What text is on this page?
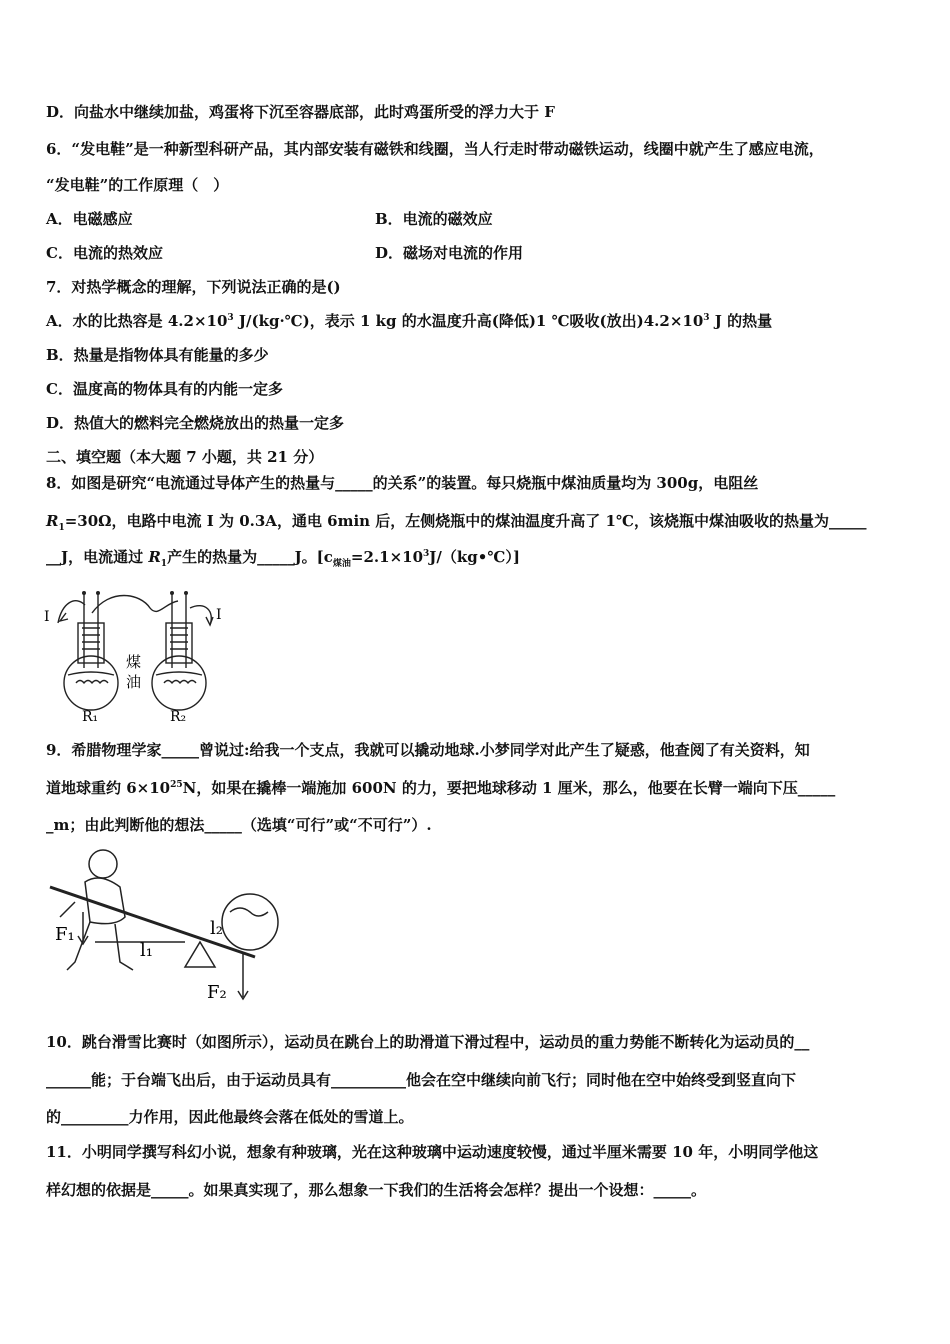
D．向盐水中继续加盐，鸡蛋将下沉至容器底部，此时鸡蛋所受的浮力大于 F
6．“发电鞋”是一种新型科研产品，其内部安装有磁铁和线圈，当人行走时带动磁铁运动，线圈中就产生了感应电流，
“发电鞋”的工作原理（　）
A．电磁感应	B．电流的磁效应
C．电流的热效应	D．磁场对电流的作用
7．对热学概念的理解，下列说法正确的是()
A．水的比热容是 $4.2\times 10^3$ J/(kg·℃)，表示 1 kg 的水温度升高(降低)1 ℃吸收(放出)$4.2\times 10^3$ J 的热量
B．热量是指物体具有能量的多少
C．温度高的物体具有的内能一定多
D．热值大的燃料完全燃烧放出的热量一定多
二、填空题（本大题 7 小题，共 21 分）
8．如图是研究“电流通过导体产生的热量与_____的关系”的装置。每只烧瓶中煤油质量均为 300g，电阻丝
$R_1=30\Omega$，电路中电流 I 为 0.3A，通电 6min 后，左侧烧瓶中的煤油温度升高了 1℃，该烧瓶中煤油吸收的热量为_____
__J，电流通过 $R_1$产生的热量为_____J。$[c_{煤油}=2.1\times 10^3J/(kg•℃)]$
I	I
煤
油
R₁	R₂
9．希腊物理学家_____曾说过:给我一个支点，我就可以撬动地球.小梦同学对此产生了疑惑，他查阅了有关资料，知
道地球重约 $6\times 10^{25}N$，如果在撬棒一端施加 600N 的力，要把地球移动 1 厘米，那么，他要在长臂一端向下压_____
_m；由此判断他的想法_____（选填“可行”或“不可行”）.
F₁
l₁
l₂
F₂
10．跳台滑雪比赛时（如图所示），运动员在跳台上的助滑道下滑过程中，运动员的重力势能不断转化为运动员的__
______能；于台端飞出后，由于运动员具有__________他会在空中继续向前飞行；同时他在空中始终受到竖直向下
的_________力作用，因此他最终会落在低处的雪道上。
11．小明同学撰写科幻小说，想象有种玻璃，光在这种玻璃中运动速度较慢，通过半厘米需要 10 年，小明同学他这
样幻想的依据是_____。如果真实现了，那么想象一下我们的生活将会怎样？提出一个设想：_____。
